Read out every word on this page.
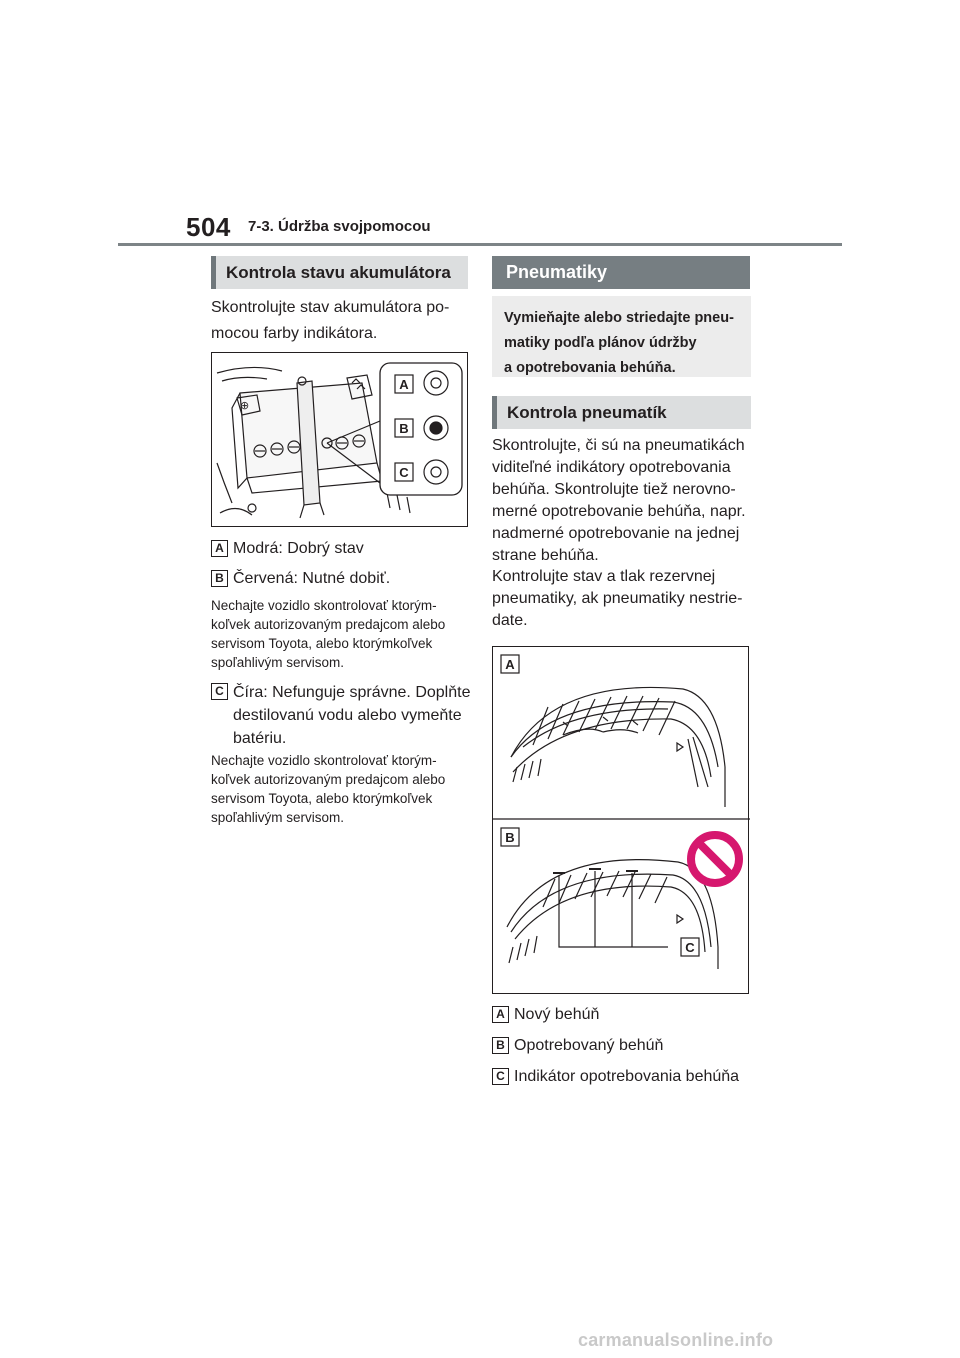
504 7-3. Údržba svojpomocou
Kontrola stavu akumulátora
Skontrolujte stav akumulátora po-
mocou farby indikátora.
⊕
A
B
C
A Modrá: Dobrý stav
B Červená: Nutné dobiť.
Nechajte vozidlo skontrolovať ktorým-
koľvek autorizovaným predajcom alebo
servisom Toyota, alebo ktorýmkoľvek
spoľahlivým servisom.
C Číra: Nefunguje správne. Doplňte
destilovanú vodu alebo vymeňte
batériu.
Nechajte vozidlo skontrolovať ktorým-
koľvek autorizovaným predajcom alebo
servisom Toyota, alebo ktorýmkoľvek
spoľahlivým servisom.
Pneumatiky
Vymieňajte alebo striedajte pneu-
matiky podľa plánov údržby
a opotrebovania behúňa.
Kontrola pneumatík
Skontrolujte, či sú na pneumatikách
viditeľné indikátory opotrebovania
behúňa. Skontrolujte tiež nerovno-
merné opotrebovanie behúňa, napr.
nadmerné opotrebovanie na jednej
strane behúňa.
Kontrolujte stav a tlak rezervnej
pneumatiky, ak pneumatiky nestrie-
date.
A
B
C
A Nový behúň
B Opotrebovaný behúň
C Indikátor opotrebovania behúňa
carmanualsonline.info
